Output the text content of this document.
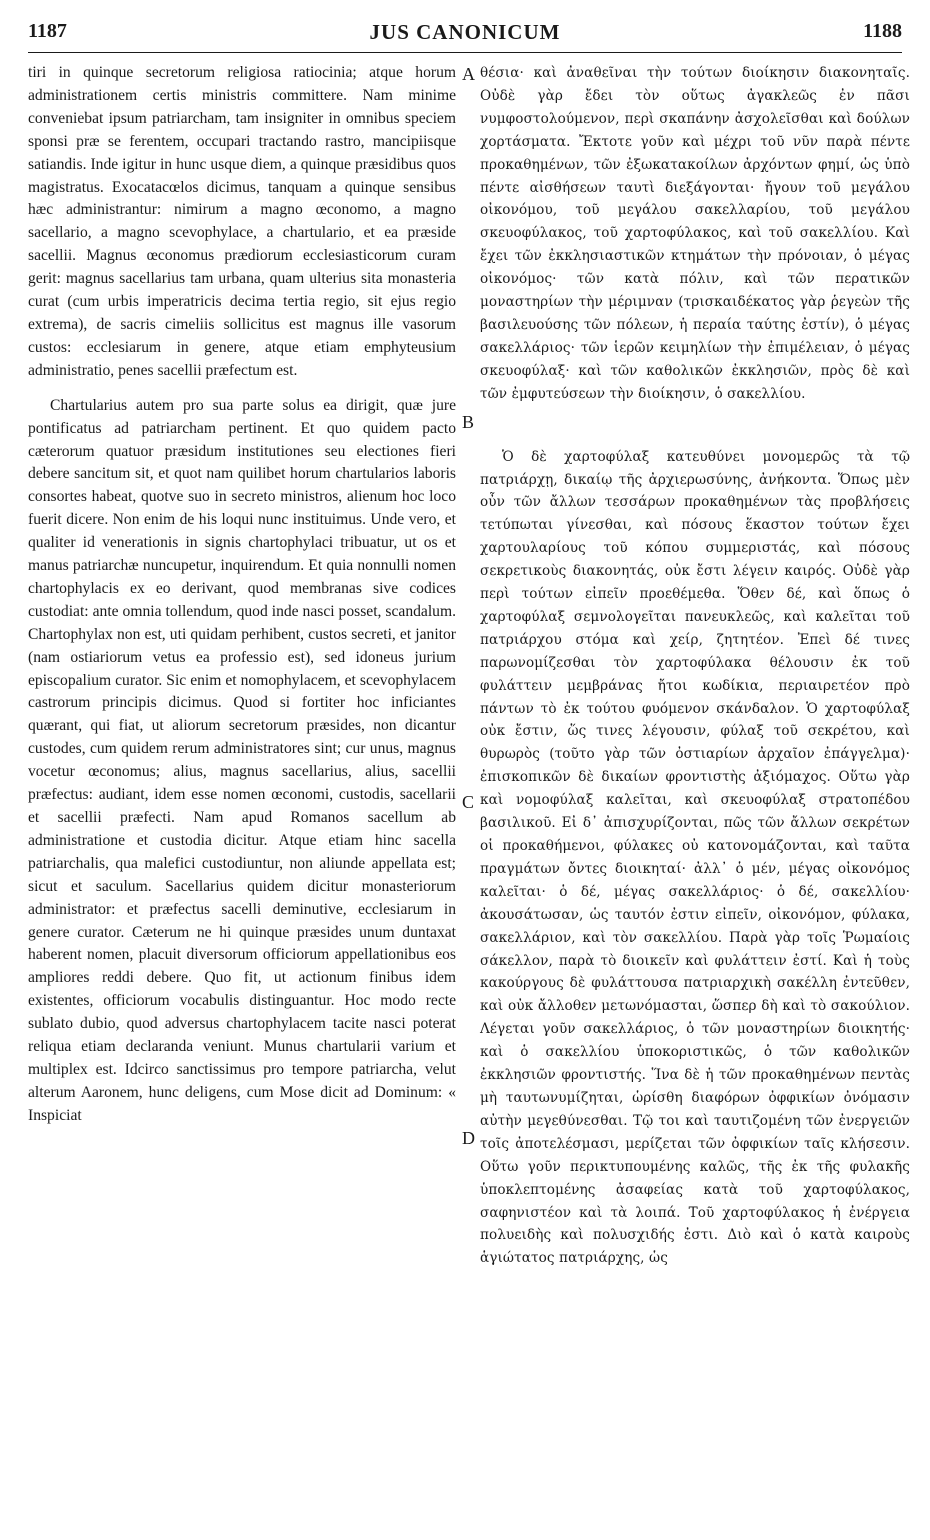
1187	JUS CANONICUM	1188

tiri in quinque secretorum religiosa ratiocinia; atque horum administrationem certis ministris committere. Nam minime conveniebat ipsum patriarcham, tam insigniter in omnibus speciem sponsi præ se ferentem, occupari tractando rastro, mancipiisque satiandis. Inde igitur in hunc usque diem, a quinque præsidibus quos magistratus. Exocatacœlos dicimus, tanquam a quinque sensibus hæc administrantur: nimirum a magno œconomo, a magno sacellario, a magno scevophylace, a chartulario, et ea præside sacellii. Magnus œconomus prædiorum ecclesiasticorum curam gerit: magnus sacellarius tam urbana, quam ulterius sita monasteria curat (cum urbis imperatricis decima tertia regio, sit ejus regio extrema), de sacris cimeliis sollicitus est magnus ille vasorum custos: ecclesiarum in genere, atque etiam emphyteusium administratio, penes sacellii præfectum est.

Chartularius autem pro sua parte solus ea dirigit, quæ jure pontificatus ad patriarcham pertinent. Et quo quidem pacto cæterorum quatuor præsidum institutiones seu electiones fieri debere sancitum sit, et quot nam quilibet horum chartularios laboris consortes habeat, quotve suo in secreto ministros, alienum hoc loco fuerit dicere. Non enim de his loqui nunc instituimus. Unde vero, et qualiter id venerationis in signis chartophylaci tribuatur, ut os et manus patriarchæ nuncupetur, inquirendum. Et quia nonnulli nomen chartophylacis ex eo derivant, quod membranas sive codices custodiat: ante omnia tollendum, quod inde nasci posset, scandalum. Chartophylax non est, uti quidam perhibent, custos secreti, et janitor (nam ostiariorum vetus ea professio est), sed idoneus jurium episcopalium curator. Sic enim et nomophylacem, et scevophylacem castrorum principis dicimus. Quod si fortiter hoc inficiantes quærant, qui fiat, ut aliorum secretorum præsides, non dicantur custodes, cum quidem rerum administratores sint; cur unus, magnus vocetur œconomus; alius, magnus sacellarius, alius, sacellii præfectus: audiant, idem esse nomen œconomi, custodis, sacellarii et sacellii præfecti. Nam apud Romanos sacellum ab administratione et custodia dicitur. Atque etiam hinc sacella patriarchalis, qua malefici custodiuntur, non aliunde appellata est; sicut et saculum. Sacellarius quidem dicitur monasteriorum administrator: et præfectus sacelli deminutive, ecclesiarum in genere curator. Cæterum ne hi quinque præsides unum duntaxat haberent nomen, placuit diversorum officiorum appellationibus eos ampliores reddi debere. Quo fit, ut actionum finibus idem existentes, officiorum vocabulis distinguantur. Hoc modo recte sublato dubio, quod adversus chartophylacem tacite nasci poterat reliqua etiam declaranda veniunt. Munus chartularii varium et multiplex est. Idcirco sanctissimus pro tempore patriarcha, velut alterum Aaronem, hunc deligens, cum Mose dicit ad Dominum: « Inspiciat

A
B
C
D

θέσια· καὶ ἀναθεῖναι τὴν τούτων διοίκησιν διακονηταῖς. Οὐδὲ γὰρ ἔδει τὸν οὕτως ἀγακλεῶς ἐν πᾶσι νυμφοστολούμενον, περὶ σκαπάνην ἀσχολεῖσθαι καὶ δούλων χορτάσματα. Ἔκτοτε γοῦν καὶ μέχρι τοῦ νῦν παρὰ πέντε προκαθημένων, τῶν ἐξωκατακοίλων ἀρχόντων φημί, ὡς ὑπὸ πέντε αἰσθήσεων ταυτὶ διεξάγονται· ἤγουν τοῦ μεγάλου οἰκονόμου, τοῦ μεγάλου σακελλαρίου, τοῦ μεγάλου σκευοφύλακος, τοῦ χαρτοφύλακος, καὶ τοῦ σακελλίου. Καὶ ἔχει τῶν ἐκκλησιαστικῶν κτημάτων τὴν πρόνοιαν, ὁ μέγας οἰκονόμος· τῶν κατὰ πόλιν, καὶ τῶν περατικῶν μοναστηρίων τὴν μέριμναν (τρισκαιδέκατος γὰρ ῥεγεὼν τῆς βασιλευούσης τῶν πόλεων, ἡ περαία ταύτης ἐστίν), ὁ μέγας σακελλάριος· τῶν ἱερῶν κειμηλίων τὴν ἐπιμέλειαν, ὁ μέγας σκευοφύλαξ· καὶ τῶν καθολικῶν ἐκκλησιῶν, πρὸς δὲ καὶ τῶν ἐμφυτεύσεων τὴν διοίκησιν, ὁ σακελλίου.

Ὁ δὲ χαρτοφύλαξ κατευθύνει μονομερῶς τὰ τῷ πατριάρχῃ, δικαίῳ τῆς ἀρχιερωσύνης, ἀνήκοντα. Ὅπως μὲν οὖν τῶν ἄλλων τεσσάρων προκαθημένων τὰς προβλήσεις τετύπωται γίνεσθαι, καὶ πόσους ἕκαστον τούτων ἔχει χαρτουλαρίους τοῦ κόπου συμμεριστάς, καὶ πόσους σεκρετικοὺς διακονητάς, οὐκ ἔστι λέγειν καιρός. Οὐδὲ γὰρ περὶ τούτων εἰπεῖν προεθέμεθα. Ὅθεν δέ, καὶ ὅπως ὁ χαρτοφύλαξ σεμνολογεῖται πανευκλεῶς, καὶ καλεῖται τοῦ πατριάρχου στόμα καὶ χείρ, ζητητέον. Ἐπεὶ δέ τινες παρωνομίζεσθαι τὸν χαρτοφύλακα θέλουσιν ἐκ τοῦ φυλάττειν μεμβράνας ἤτοι κωδίκια, περιαιρετέον πρὸ πάντων τὸ ἐκ τούτου φυόμενον σκάνδαλον. Ὁ χαρτοφύλαξ οὐκ ἔστιν, ὥς τινες λέγουσιν, φύλαξ τοῦ σεκρέτου, καὶ θυρωρὸς (τοῦτο γὰρ τῶν ὀστιαρίων ἀρχαῖον ἐπάγγελμα)· ἐπισκοπικῶν δὲ δικαίων φροντιστὴς ἀξιόμαχος. Οὕτω γὰρ καὶ νομοφύλαξ καλεῖται, καὶ σκευοφύλαξ στρατοπέδου βασιλικοῦ. Εἰ δ᾽ ἀπισχυρίζονται, πῶς τῶν ἄλλων σεκρέτων οἱ προκαθήμενοι, φύλακες οὐ κατονομάζονται, καὶ ταῦτα πραγμάτων ὄντες διοικηταί· ἀλλ᾽ ὁ μέν, μέγας οἰκονόμος καλεῖται· ὁ δέ, μέγας σακελλάριος· ὁ δέ, σακελλίου· ἀκουσάτωσαν, ὡς ταυτόν ἐστιν εἰπεῖν, οἰκονόμον, φύλακα, σακελλάριον, καὶ τὸν σακελλίου. Παρὰ γὰρ τοῖς Ῥωμαίοις σάκελλον, παρὰ τὸ διοικεῖν καὶ φυλάττειν ἐστί. Καὶ ἡ τοὺς κακούργους δὲ φυλάττουσα πατριαρχικὴ σακέλλη ἐντεῦθεν, καὶ οὐκ ἄλλοθεν μετωνόμασται, ὥσπερ δὴ καὶ τὸ σακούλιον. Λέγεται γοῦν σακελλάριος, ὁ τῶν μοναστηρίων διοικητής· καὶ ὁ σακελλίου ὑποκοριστικῶς, ὁ τῶν καθολικῶν ἐκκλησιῶν φροντιστής. Ἵνα δὲ ἡ τῶν προκαθημένων πεντὰς μὴ ταυτωνυμίζηται, ὡρίσθη διαφόρων ὀφφικίων ὀνόμασιν αὐτὴν μεγεθύνεσθαι. Τῷ τοι καὶ ταυτιζομένη τῶν ἐνεργειῶν τοῖς ἀποτελέσμασι, μερίζεται τῶν ὀφφικίων ταῖς κλήσεσιν. Οὕτω γοῦν περικτυπουμένης καλῶς, τῆς ἐκ τῆς φυλακῆς ὑποκλεπτομένης ἀσαφείας κατὰ τοῦ χαρτοφύλακος, σαφηνιστέον καὶ τὰ λοιπά. Τοῦ χαρτοφύλακος ἡ ἐνέργεια πολυειδὴς καὶ πολυσχιδής ἐστι. Διὸ καὶ ὁ κατὰ καιροὺς ἁγιώτατος πατριάρχης, ὡς
